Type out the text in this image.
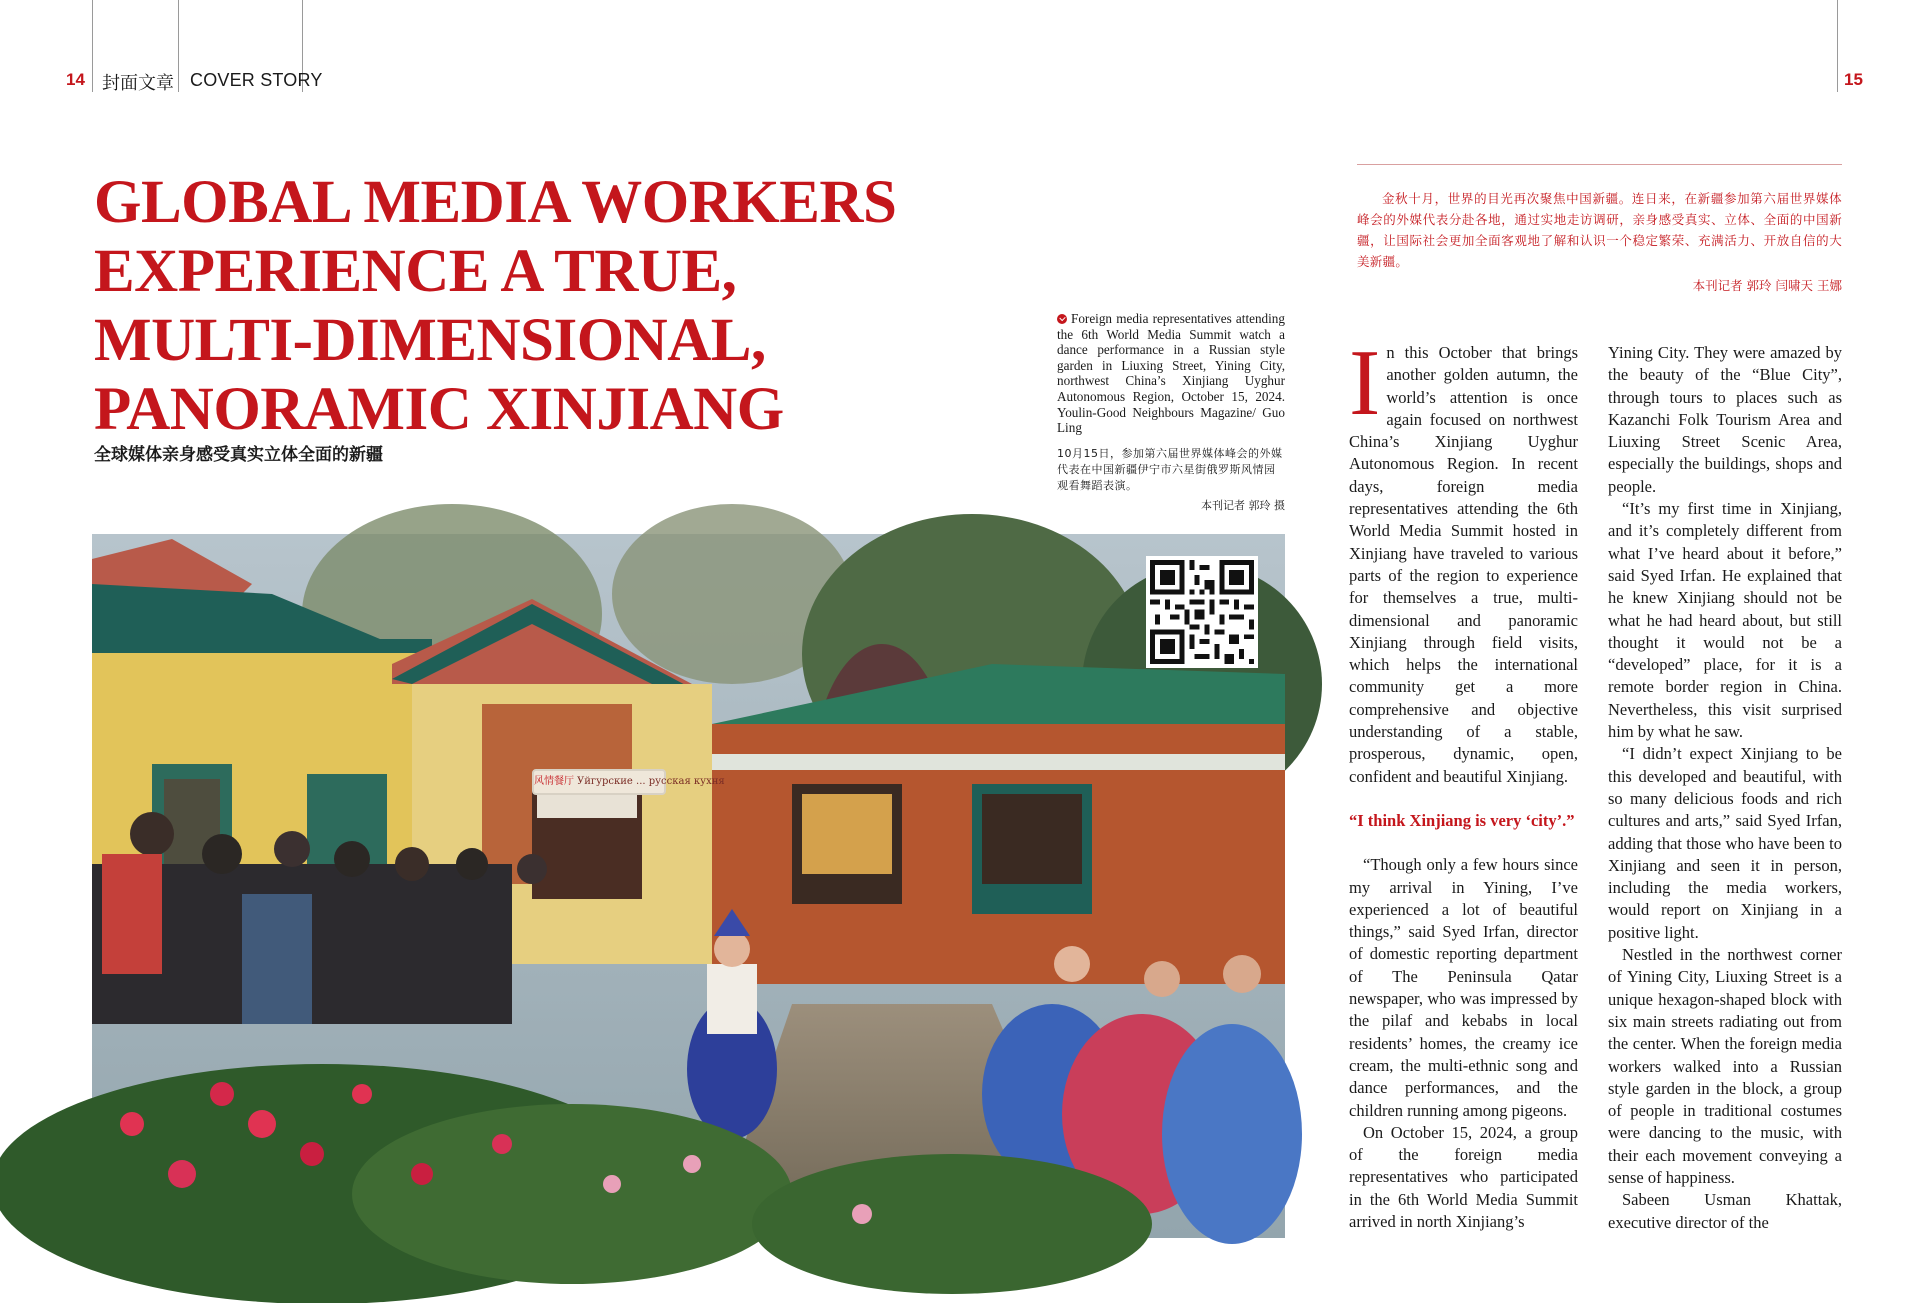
14 封面文章 COVER STORY	15
GLOBAL MEDIA WORKERS
EXPERIENCE A TRUE,
MULTI-DIMENSIONAL,
PANORAMIC XINJIANG
全球媒体亲身感受真实立体全面的新疆
Foreign media representatives attending the 6th World Media Summit watch a dance performance in a Russian style garden in Liuxing Street, Yining City, northwest China’s Xinjiang Uyghur Autonomous Region, October 15, 2024. Youlin-Good Neighbours Magazine/ Guo Ling
10月15日，参加第六届世界媒体峰会的外媒代表在中国新疆伊宁市六星街俄罗斯风情园观看舞蹈表演。
本刊记者 郭玲 摄
风情餐厅 Уйгурские ... русская кухня

金秋十月，世界的目光再次聚焦中国新疆。连日来，在新疆参加第六届世界媒体峰会的外媒代表分赴各地，通过实地走访调研，亲身感受真实、立体、全面的中国新疆，让国际社会更加全面客观地了解和认识一个稳定繁荣、充满活力、开放自信的大美新疆。

本刊记者 郭玲 闫啸天 王娜

In this October that brings another golden autumn, the world’s attention is once again focused on northwest China’s Xinjiang Uyghur Autonomous Region. In recent days, foreign media representatives attending the 6th World Media Summit hosted in Xinjiang have traveled to various parts of the region to experience for themselves a true, multi-dimensional and panoramic Xinjiang through field visits, which helps the international community get a more comprehensive and objective understanding of a stable, prosperous, dynamic, open, confident and beautiful Xinjiang.

“I think Xinjiang is very ‘city’.”

“Though only a few hours since my arrival in Yining, I’ve experienced a lot of beautiful things,” said Syed Irfan, director of domestic reporting department of The Peninsula Qatar newspaper, who was impressed by the pilaf and kebabs in local residents’ homes, the creamy ice cream, the multi-ethnic song and dance performances, and the children running among pigeons.

On October 15, 2024, a group of the foreign media representatives who participated in the 6th World Media Summit arrived in north Xinjiang’s

Yining City. They were amazed by the beauty of the “Blue City”, through tours to places such as Kazanchi Folk Tourism Area and Liuxing Street Scenic Area, especially the buildings, shops and people.

“It’s my first time in Xinjiang, and it’s completely different from what I’ve heard about it before,” said Syed Irfan. He explained that he knew Xinjiang should not be what he had heard about, but still thought it would not be a “developed” place, for it is a remote border region in China. Nevertheless, this visit surprised him by what he saw.

“I didn’t expect Xinjiang to be this developed and beautiful, with so many delicious foods and rich cultures and arts,” said Syed Irfan, adding that those who have been to Xinjiang and seen it in person, including the media workers, would report on Xinjiang in a positive light.

Nestled in the northwest corner of Yining City, Liuxing Street is a unique hexagon-shaped block with six main streets radiating out from the center. When the foreign media workers walked into a Russian style garden in the block, a group of people in traditional costumes were dancing to the music, with their each movement conveying a sense of happiness.

Sabeen Usman Khattak, executive director of the
